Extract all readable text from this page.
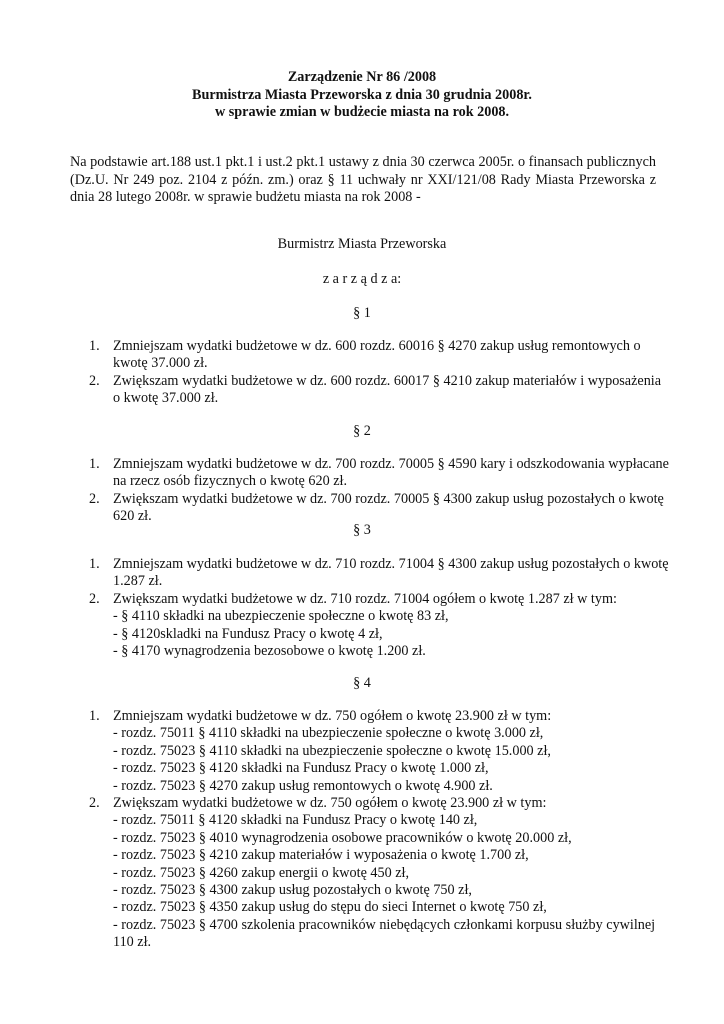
Zarządzenie Nr 86 /2008
Burmistrza Miasta Przeworska z dnia 30 grudnia 2008r.
w sprawie zmian w budżecie miasta na rok 2008.
Na podstawie art.188 ust.1 pkt.1 i ust.2 pkt.1 ustawy z dnia 30 czerwca 2005r. o finansach publicznych (Dz.U. Nr 249 poz. 2104 z późn. zm.) oraz § 11 uchwały nr XXI/121/08 Rady Miasta Przeworska z dnia 28 lutego 2008r. w sprawie budżetu miasta na rok 2008 -
Burmistrz Miasta Przeworska
z a r z ą d z a:
§ 1
1. Zmniejszam wydatki budżetowe w dz. 600 rozdz. 60016 § 4270 zakup usług remontowych o kwotę 37.000 zł.
2. Zwiększam wydatki budżetowe w dz. 600 rozdz. 60017 § 4210 zakup materiałów i wyposażenia o kwotę 37.000 zł.
§ 2
1. Zmniejszam wydatki budżetowe w dz. 700 rozdz. 70005 § 4590 kary i odszkodowania wypłacane na rzecz osób fizycznych o kwotę 620 zł.
2. Zwiększam wydatki budżetowe w dz. 700 rozdz. 70005 § 4300 zakup usług pozostałych o kwotę 620 zł.
§ 3
1. Zmniejszam wydatki budżetowe w dz. 710 rozdz. 71004 § 4300 zakup usług pozostałych o kwotę 1.287 zł.
2. Zwiększam wydatki budżetowe w dz. 710 rozdz. 71004 ogółem o kwotę 1.287 zł w tym:
- § 4110 składki na ubezpieczenie społeczne o kwotę 83 zł,
- § 4120skladki na Fundusz Pracy o kwotę 4 zł,
- § 4170 wynagrodzenia bezosobowe o kwotę 1.200 zł.
§ 4
1. Zmniejszam wydatki budżetowe w dz. 750 ogółem o kwotę 23.900 zł w tym:
- rozdz. 75011 § 4110 składki na ubezpieczenie społeczne o kwotę 3.000 zł,
- rozdz. 75023 § 4110 składki na ubezpieczenie społeczne o kwotę 15.000 zł,
- rozdz. 75023 § 4120 składki na Fundusz Pracy o kwotę 1.000 zł,
- rozdz. 75023 § 4270 zakup usług remontowych o kwotę 4.900 zł.
2. Zwiększam wydatki budżetowe w dz. 750 ogółem o kwotę 23.900 zł w tym:
- rozdz. 75011 § 4120 składki na Fundusz Pracy o kwotę 140 zł,
- rozdz. 75023 § 4010 wynagrodzenia osobowe pracowników o kwotę 20.000 zł,
- rozdz. 75023 § 4210 zakup materiałów i wyposażenia o kwotę 1.700 zł,
- rozdz. 75023 § 4260 zakup energii o kwotę 450 zł,
- rozdz. 75023 § 4300 zakup usług pozostałych o kwotę 750 zł,
- rozdz. 75023 § 4350 zakup usług do stępu do sieci Internet o kwotę 750 zł,
- rozdz. 75023 § 4700 szkolenia pracowników niebędących członkami korpusu służby cywilnej 110 zł.
